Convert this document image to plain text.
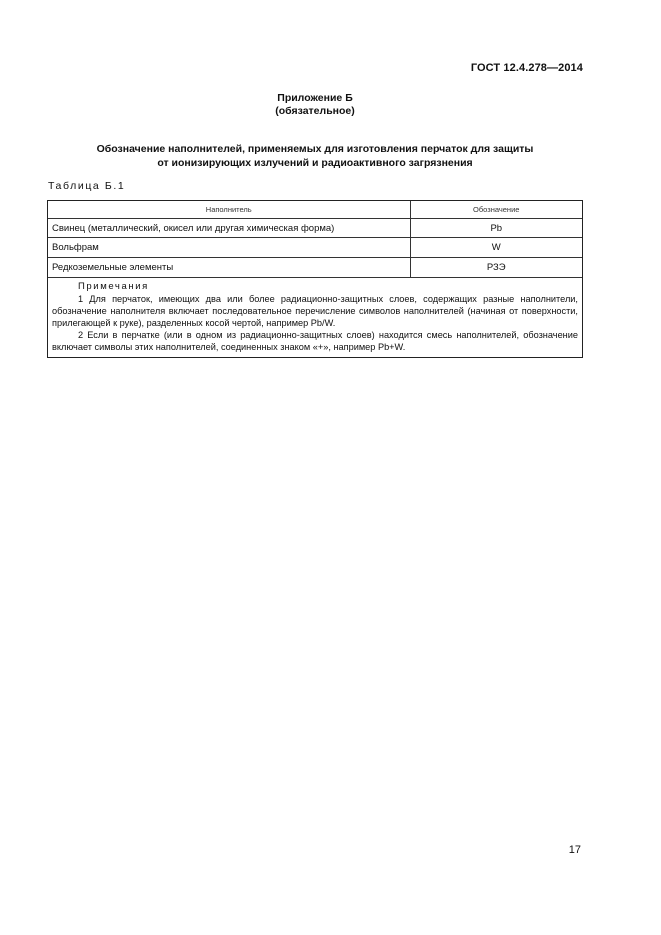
ГОСТ 12.4.278—2014
Приложение Б
(обязательное)
Обозначение наполнителей, применяемых для изготовления перчаток для защиты
от ионизирующих излучений и радиоактивного загрязнения
Таблица Б.1
Наполнитель	Обозначение
Свинец (металлический, окисел или другая химическая форма)	Pb
Вольфрам	W
Редкоземельные элементы	РЗЭ

Примечания
1 Для перчаток, имеющих два или более радиационно-защитных слоев, содержащих разные наполнители, обозначение наполнителя включает последовательное перечисление символов наполнителей (начиная от поверхности, прилегающей к руке), разделенных косой чертой, например Pb/W.
2 Если в перчатке (или в одном из радиационно-защитных слоев) находится смесь наполнителей, обозначение включает символы этих наполнителей, соединенных знаком «+», например Pb+W.	
17
